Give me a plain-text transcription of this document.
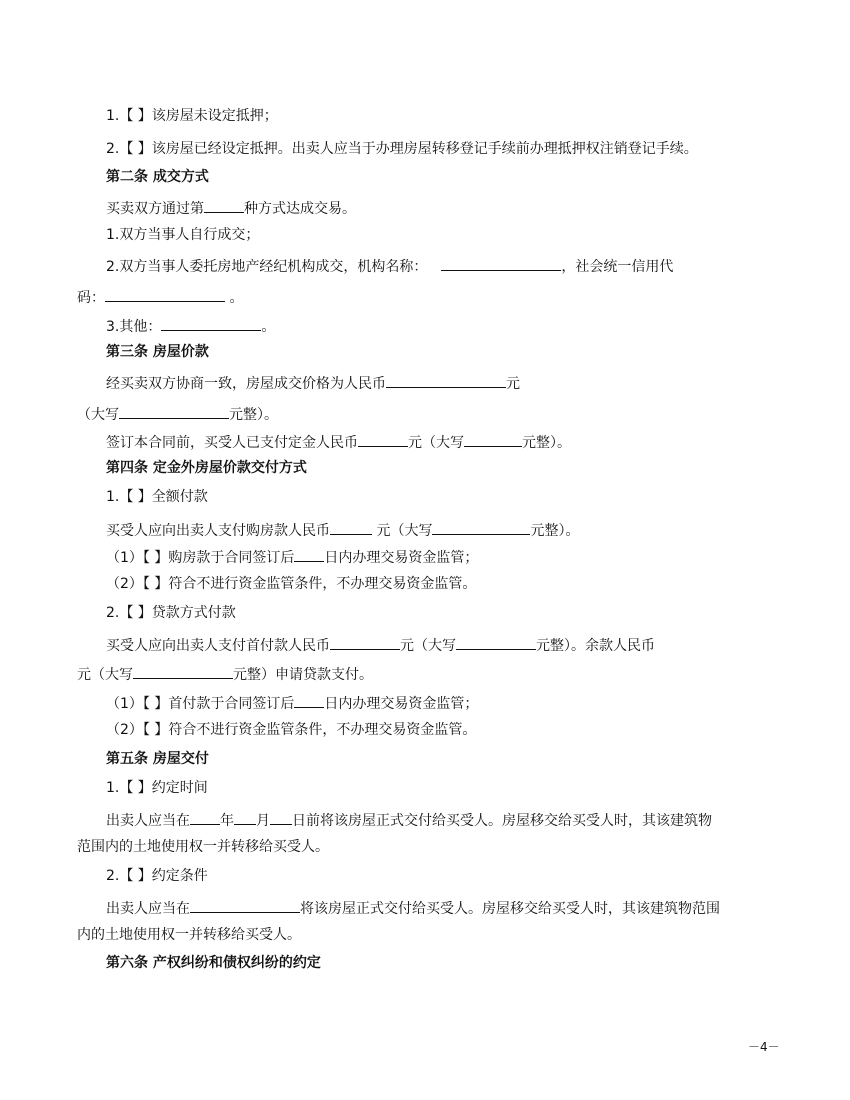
1.【 】该房屋未设定抵押；
2.【 】该房屋已经设定抵押。出卖人应当于办理房屋转移登记手续前办理抵押权注销登记手续。
第二条 成交方式
买卖双方通过第	种方式达成交易。
1.双方当事人自行成交；
2.双方当事人委托房地产经纪机构成交，机构名称：	，社会统一信用代
码：	。
3.其他：	。
第三条 房屋价款
经买卖双方协商一致，房屋成交价格为人民币	元
（大写	元整）。
签订本合同前，买受人已支付定金人民币	元（大写	元整）。
第四条 定金外房屋价款交付方式
1.【 】全额付款
买受人应向出卖人支付购房款人民币	元（大写	元整）。
（1）【 】购房款于合同签订后 日内办理交易资金监管；
（2）【 】符合不进行资金监管条件，不办理交易资金监管。
2.【 】贷款方式付款
买受人应向出卖人支付首付款人民币	元（大写	元整）。余款人民币
元（大写	元整）申请贷款支付。
（1）【 】首付款于合同签订后 日内办理交易资金监管；
（2）【 】符合不进行资金监管条件，不办理交易资金监管。
第五条 房屋交付
1.【 】约定时间
出卖人应当在 年 月 日前将该房屋正式交付给买受人。房屋移交给买受人时，其该建筑物
范围内的土地使用权一并转移给买受人。
2.【 】约定条件
出卖人应当在	将该房屋正式交付给买受人。房屋移交给买受人时，其该建筑物范围
内的土地使用权一并转移给买受人。
第六条 产权纠纷和债权纠纷的约定
－4－
